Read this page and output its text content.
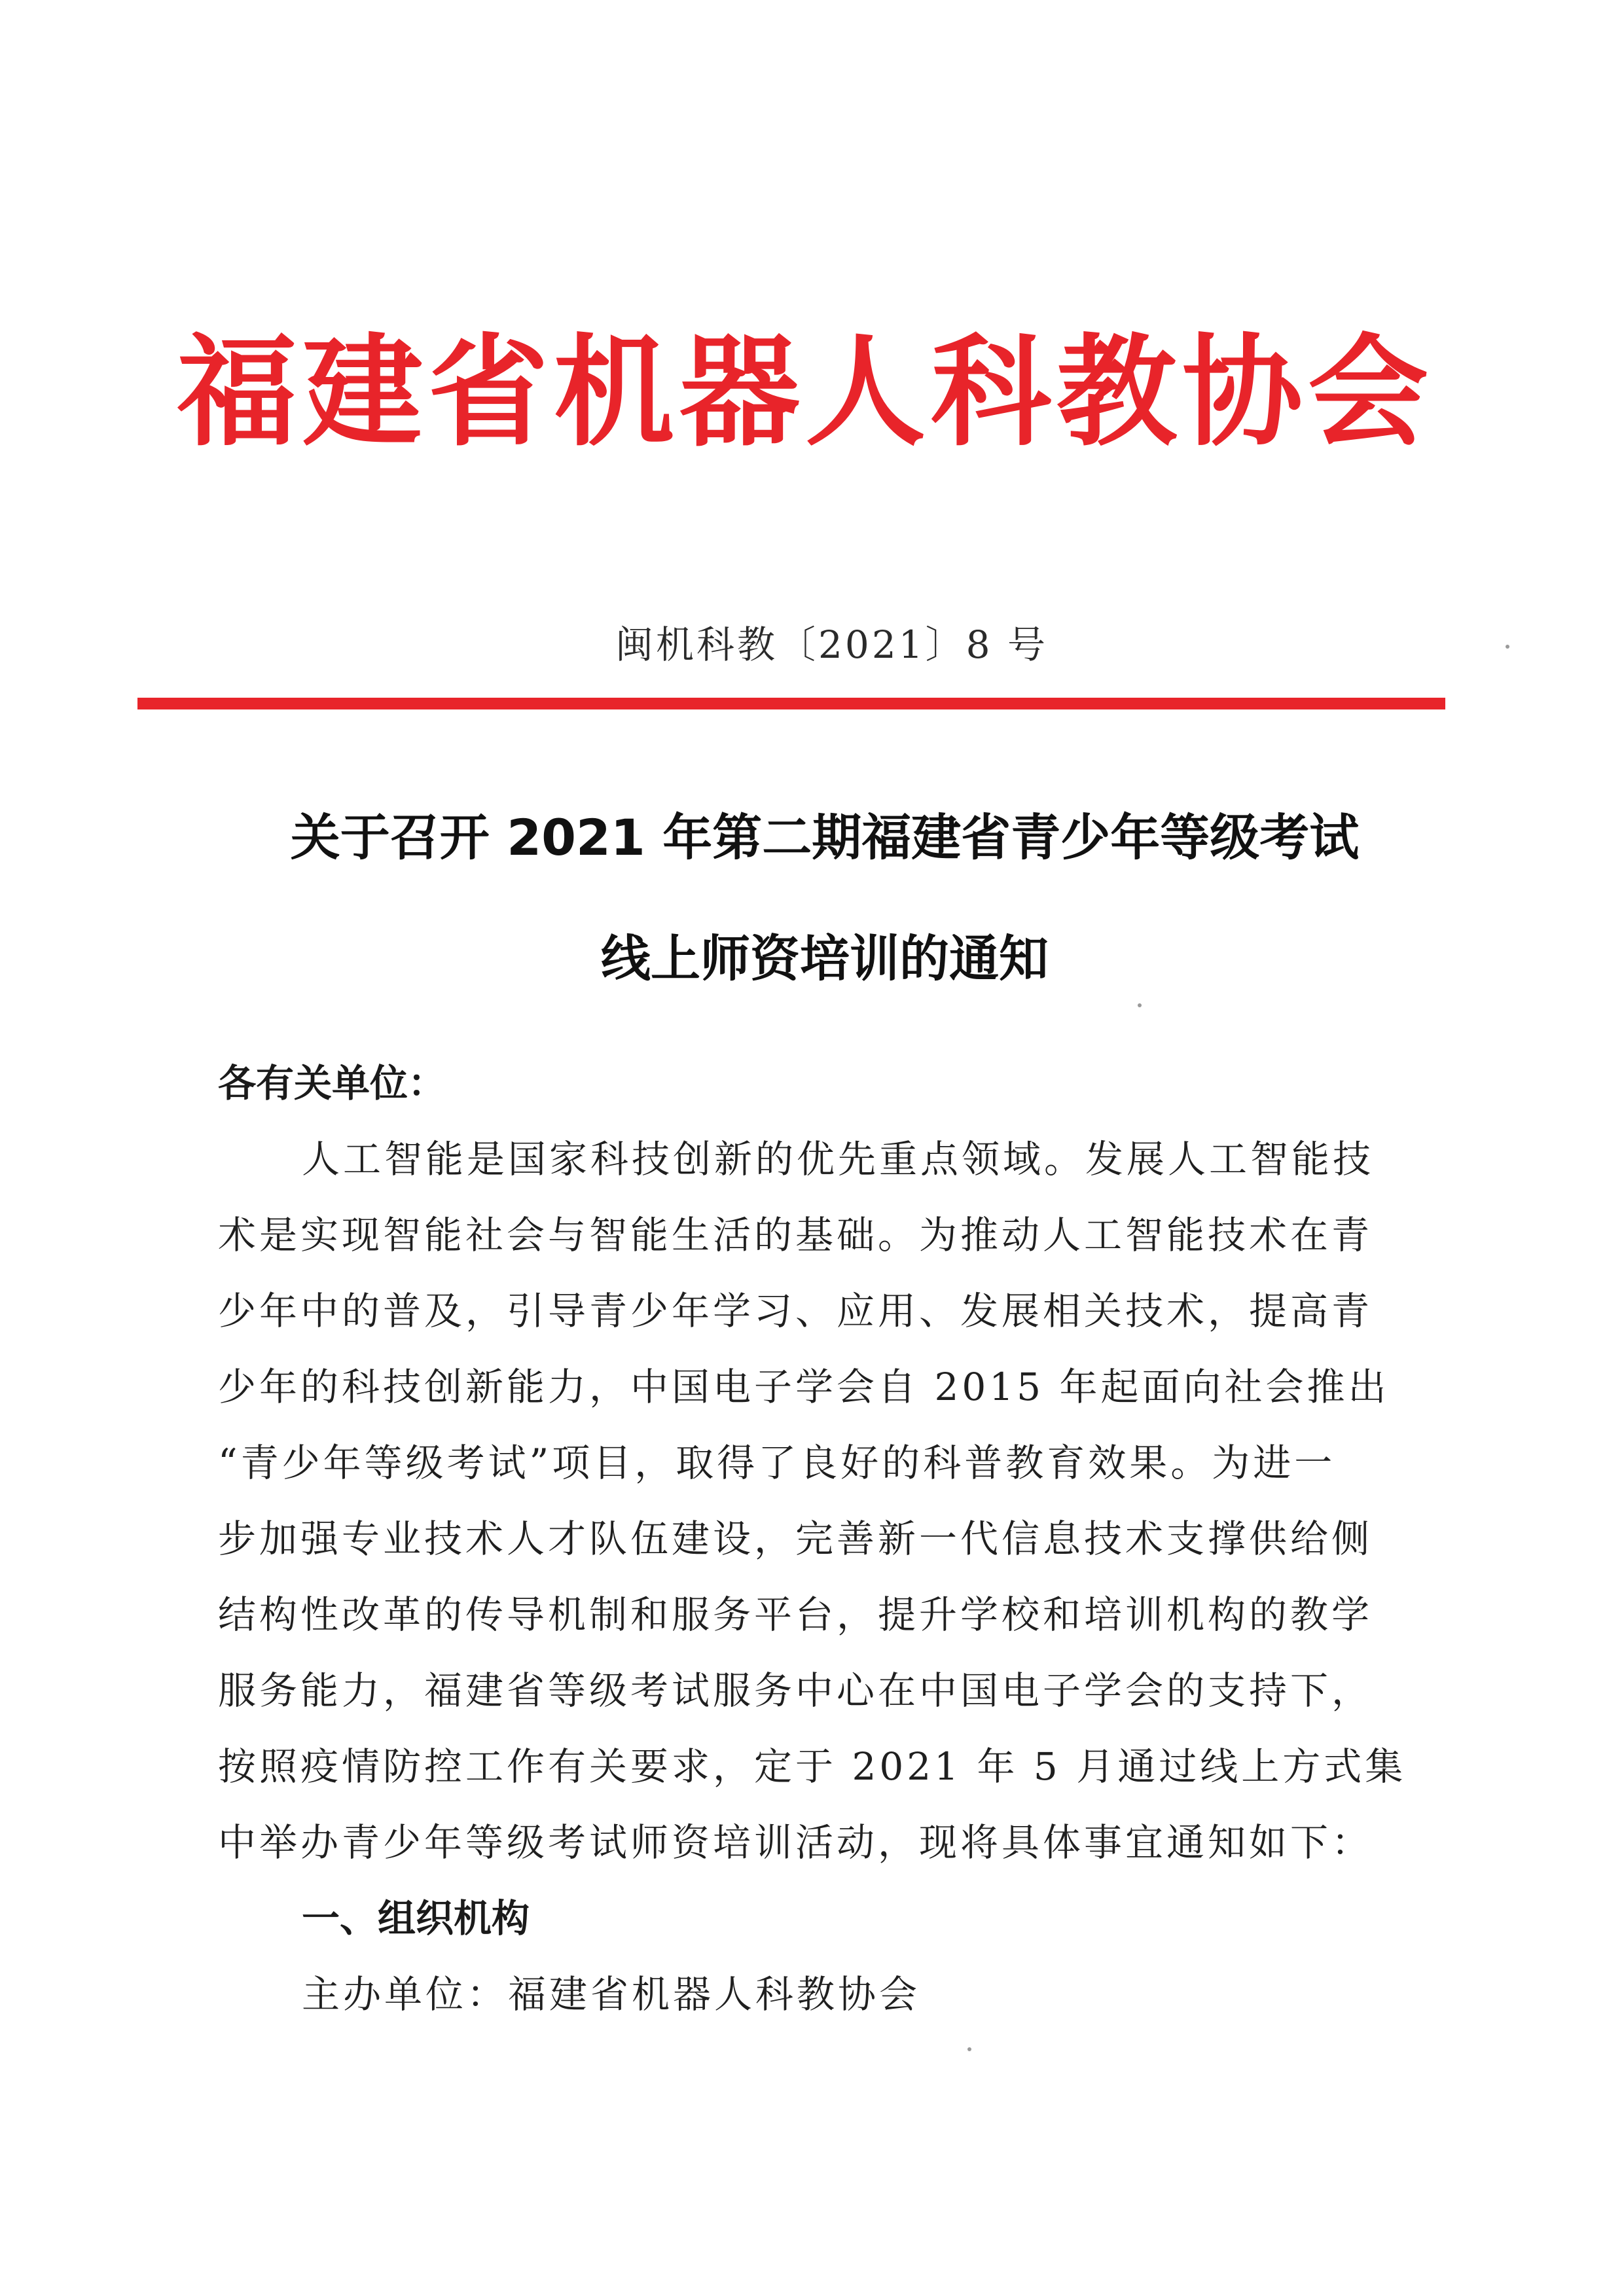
福建省机器人科教协会
闽机科教〔2021〕8 号
关于召开 2021 年第二期福建省青少年等级考试
线上师资培训的通知

各有关单位：

人工智能是国家科技创新的优先重点领域。发展人工智能技

术是实现智能社会与智能生活的基础。为推动人工智能技术在青

少年中的普及，引导青少年学习、应用、发展相关技术，提高青

少年的科技创新能力，中国电子学会自 2015 年起面向社会推出

“青少年等级考试”项目，取得了良好的科普教育效果。为进一

步加强专业技术人才队伍建设，完善新一代信息技术支撑供给侧

结构性改革的传导机制和服务平台，提升学校和培训机构的教学

服务能力，福建省等级考试服务中心在中国电子学会的支持下，

按照疫情防控工作有关要求，定于 2021 年 5 月通过线上方式集

中举办青少年等级考试师资培训活动，现将具体事宜通知如下：

一、组织机构

主办单位：福建省机器人科教协会
